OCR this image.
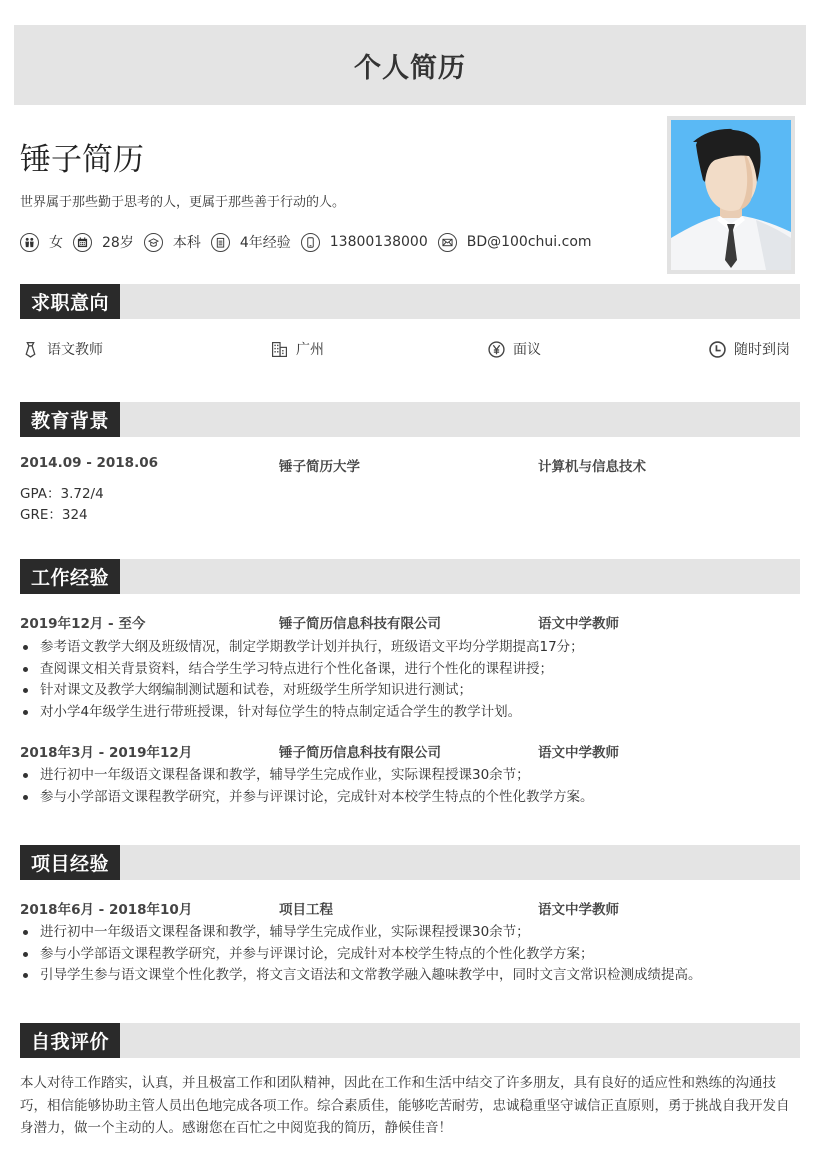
个人简历
锤子简历
世界属于那些勤于思考的人，更属于那些善于行动的人。
女	28岁	本科	4年经验	13800138000	BD@100chui.com
求职意向
语文教师	广州	面议	随时到岗
教育背景
2014.09 - 2018.06	锤子简历大学	计算机与信息技术
GPA：3.72/4
GRE：324
工作经验
2019年12月 - 至今	锤子简历信息科技有限公司	语文中学教师
参考语文教学大纲及班级情况，制定学期教学计划并执行，班级语文平均分学期提高17分；
查阅课文相关背景资料，结合学生学习特点进行个性化备课，进行个性化的课程讲授；
针对课文及教学大纲编制测试题和试卷，对班级学生所学知识进行测试；
对小学4年级学生进行带班授课，针对每位学生的特点制定适合学生的教学计划。
2018年3月 - 2019年12月	锤子简历信息科技有限公司	语文中学教师
进行初中一年级语文课程备课和教学，辅导学生完成作业，实际课程授课30余节；
参与小学部语文课程教学研究，并参与评课讨论，完成针对本校学生特点的个性化教学方案。
项目经验
2018年6月 - 2018年10月	项目工程	语文中学教师
进行初中一年级语文课程备课和教学，辅导学生完成作业，实际课程授课30余节；
参与小学部语文课程教学研究，并参与评课讨论，完成针对本校学生特点的个性化教学方案；
引导学生参与语文课堂个性化教学，将文言文语法和文常教学融入趣味教学中，同时文言文常识检测成绩提高。
自我评价
本人对待工作踏实，认真，并且极富工作和团队精神，因此在工作和生活中结交了许多朋友，具有良好的适应性和熟练的沟通技巧，相信能够协助主管人员出色地完成各项工作。综合素质佳，能够吃苦耐劳，忠诚稳重坚守诚信正直原则，勇于挑战自我开发自身潜力，做一个主动的人。感谢您在百忙之中阅览我的简历，静候佳音！
